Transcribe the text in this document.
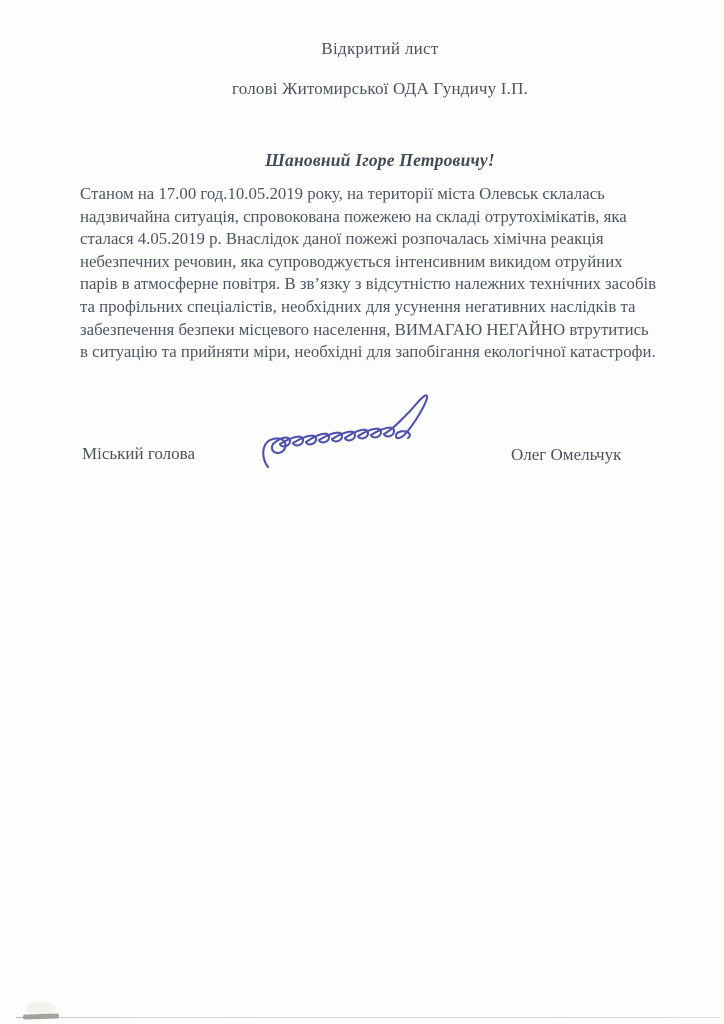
Відкритий лист
голові Житомирської ОДА Гундичу І.П.
Шановний Ігоре Петровичу!
Станом на 17.00 год.10.05.2019 року, на території міста Олевськ склалась
надзвичайна ситуація, спровокована пожежею на складі отрутохімікатів, яка
сталася 4.05.2019 р. Внаслідок даної пожежі розпочалась хімічна реакція
небезпечних речовин, яка супроводжується інтенсивним викидом отруйних
парів в атмосферне повітря. В зв’язку з відсутністю належних технічних засобів
та профільних спеціалістів, необхідних для усунення негативних наслідків та
забезпечення безпеки місцевого населення, ВИМАГАЮ НЕГАЙНО втрутитись
в ситуацію та прийняти міри, необхідні для запобігання екологічної катастрофи.
Міський голова	Олег Омельчук
